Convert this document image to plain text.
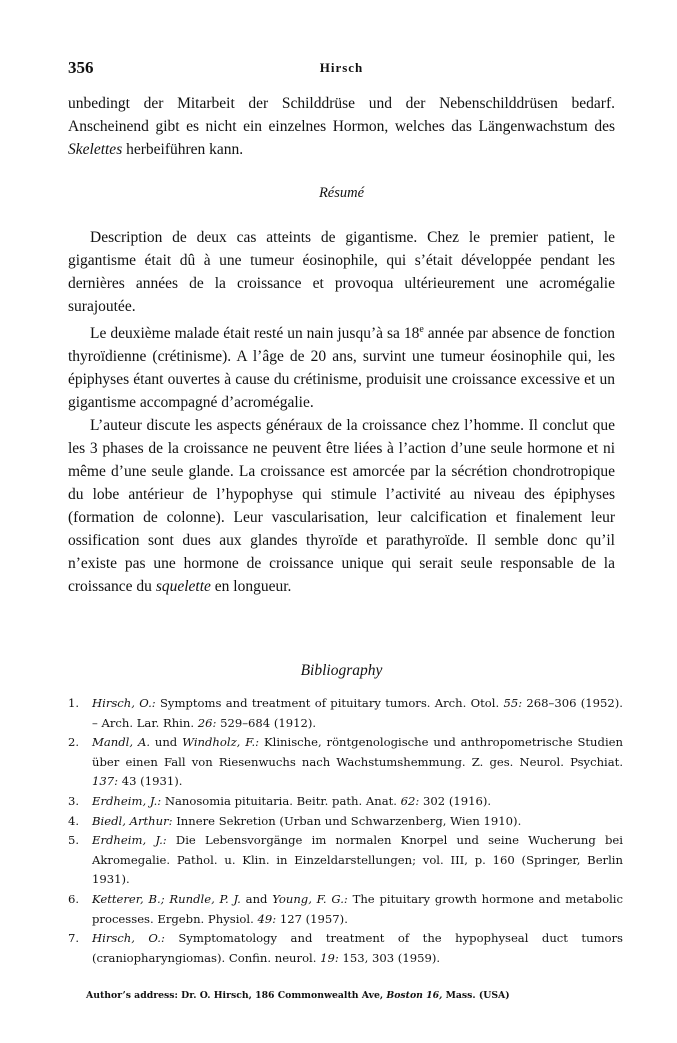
356	Hirsch

unbedingt der Mitarbeit der Schilddrüse und der Nebenschilddrüsen bedarf. Anscheinend gibt es nicht ein einzelnes Hormon, welches das Längenwachstum des Skelettes herbeiführen kann.

Résumé

Description de deux cas atteints de gigantisme. Chez le premier patient, le gigantisme était dû à une tumeur éosinophile, qui s’était développée pendant les dernières années de la croissance et provoqua ultérieurement une acromégalie surajoutée.

Le deuxième malade était resté un nain jusqu’à sa 18e année par absence de fonction thyroïdienne (crétinisme). A l’âge de 20 ans, survint une tumeur éosinophile qui, les épiphyses étant ouvertes à cause du crétinisme, produisit une croissance excessive et un gigantisme accompagné d’acromégalie.

L’auteur discute les aspects généraux de la croissance chez l’homme. Il conclut que les 3 phases de la croissance ne peuvent être liées à l’action d’une seule hormone et ni même d’une seule glande. La croissance est amorcée par la sécrétion chondrotropique du lobe antérieur de l’hypophyse qui stimule l’activité au niveau des épiphyses (formation de colonne). Leur vascularisation, leur calcification et finalement leur ossification sont dues aux glandes thyroïde et parathyroïde. Il semble donc qu’il n’existe pas une hormone de croissance unique qui serait seule responsable de la croissance du squelette en longueur.

Bibliography
1.	Hirsch, O.: Symptoms and treatment of pituitary tumors. Arch. Otol. 55: 268–306 (1952). – Arch. Lar. Rhin. 26: 529–684 (1912).
2.	Mandl, A. und Windholz, F.: Klinische, röntgenologische und anthropometrische Studien über einen Fall von Riesenwuchs nach Wachstumshemmung. Z. ges. Neurol. Psychiat. 137: 43 (1931).
3.	Erdheim, J.: Nanosomia pituitaria. Beitr. path. Anat. 62: 302 (1916).
4.	Biedl, Arthur: Innere Sekretion (Urban und Schwarzenberg, Wien 1910).
5.	Erdheim, J.: Die Lebensvorgänge im normalen Knorpel und seine Wucherung bei Akromegalie. Pathol. u. Klin. in Einzeldarstellungen; vol. III, p. 160 (Springer, Berlin 1931).
6.	Ketterer, B.; Rundle, P. J. and Young, F. G.: The pituitary growth hormone and metabolic processes. Ergebn. Physiol. 49: 127 (1957).
7.	Hirsch, O.: Symptomatology and treatment of the hypophyseal duct tumors (craniopharyngiomas). Confin. neurol. 19: 153, 303 (1959).
Author’s address: Dr. O. Hirsch, 186 Commonwealth Ave, Boston 16, Mass. (USA)
